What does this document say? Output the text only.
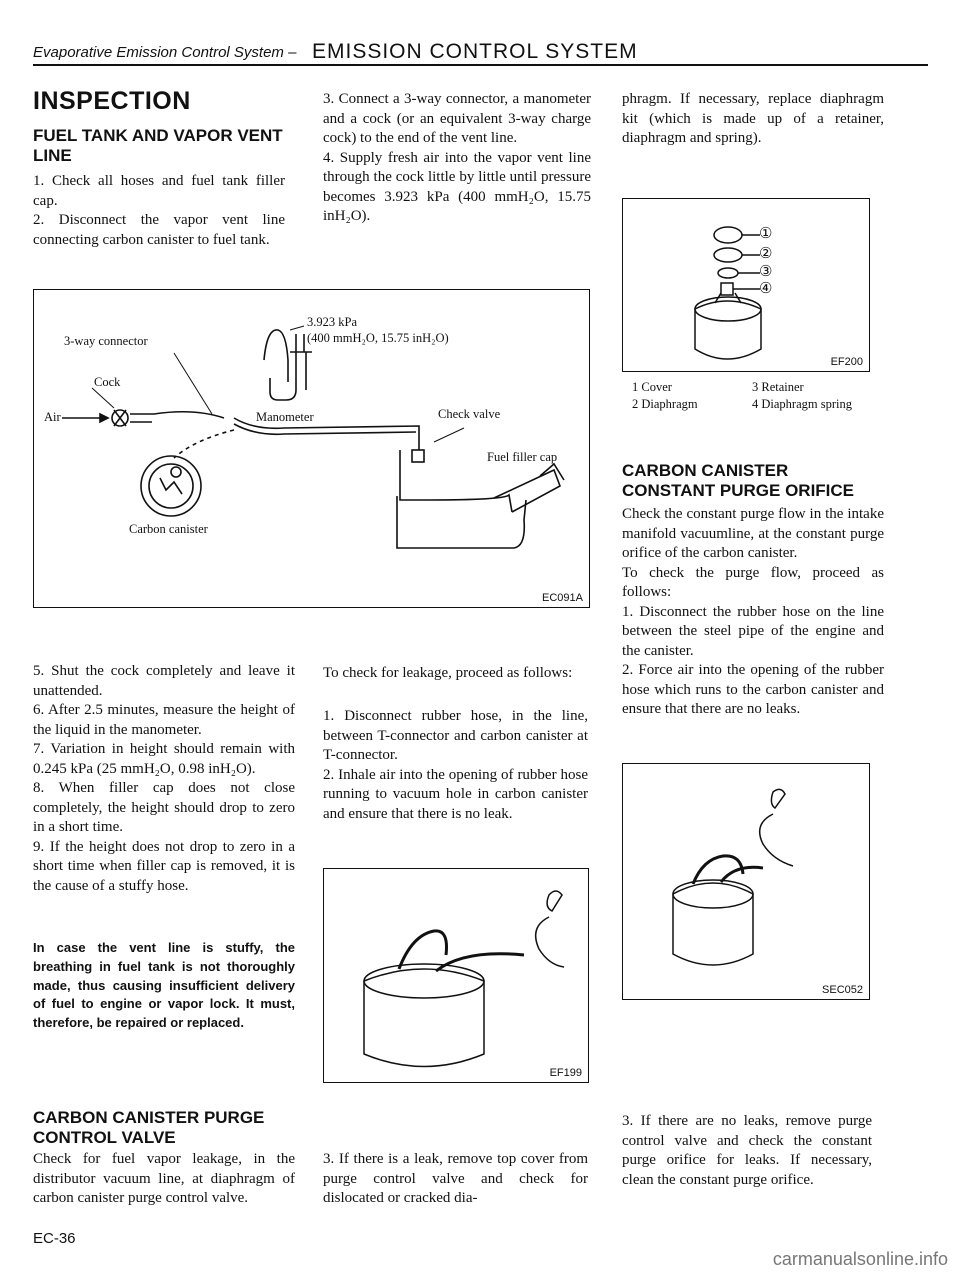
Evaporative Emission Control System – EMISSION CONTROL SYSTEM
INSPECTION
FUEL TANK AND VAPOR VENT LINE
1. Check all hoses and fuel tank filler cap.
2. Disconnect the vapor vent line connecting carbon canister to fuel tank.
3. Connect a 3-way connector, a manometer and a cock (or an equivalent 3-way charge cock) to the end of the vent line.
4. Supply fresh air into the vapor vent line through the cock little by little until pressure becomes 3.923 kPa (400 mmH₂O, 15.75 inH₂O).
phragm. If necessary, replace diaphragm kit (which is made up of a retainer, diaphragm and spring).
3.923 kPa
(400 mmH₂O, 15.75 inH₂O)
3-way connector
Cock
Air	Manometer	Check valve
Fuel filler cap
Carbon canister
EC091A
①
②
③
④
EF200
1 Cover
2 Diaphragm
3 Retainer
4 Diaphragm spring
CARBON CANISTER CONSTANT PURGE ORIFICE
Check the constant purge flow in the intake manifold vacuumline, at the constant purge orifice of the carbon canister.
To check the purge flow, proceed as follows:
1. Disconnect the rubber hose on the line between the steel pipe of the engine and the canister.
2. Force air into the opening of the rubber hose which runs to the carbon canister and ensure that there are no leaks.
SEC052
5. Shut the cock completely and leave it unattended.
6. After 2.5 minutes, measure the height of the liquid in the manometer.
7. Variation in height should remain with 0.245 kPa (25 mmH₂O, 0.98 inH₂O).
8. When filler cap does not close completely, the height should drop to zero in a short time.
9. If the height does not drop to zero in a short time when filler cap is removed, it is the cause of a stuffy hose.
In case the vent line is stuffy, the breathing in fuel tank is not thoroughly made, thus causing insufficient delivery of fuel to engine or vapor lock. It must, therefore, be repaired or replaced.
CARBON CANISTER PURGE CONTROL VALVE
Check for fuel vapor leakage, in the distributor vacuum line, at diaphragm of carbon canister purge control valve.
To check for leakage, proceed as follows:
1. Disconnect rubber hose, in the line, between T-connector and carbon canister at T-connector.
2. Inhale air into the opening of rubber hose running to vacuum hole in carbon canister and ensure that there is no leak.
EF199
3. If there is a leak, remove top cover from purge control valve and check for dislocated or cracked dia-
3. If there are no leaks, remove purge control valve and check the constant purge orifice for leaks. If necessary, clean the constant purge orifice.
EC-36
carmanualsonline.info
